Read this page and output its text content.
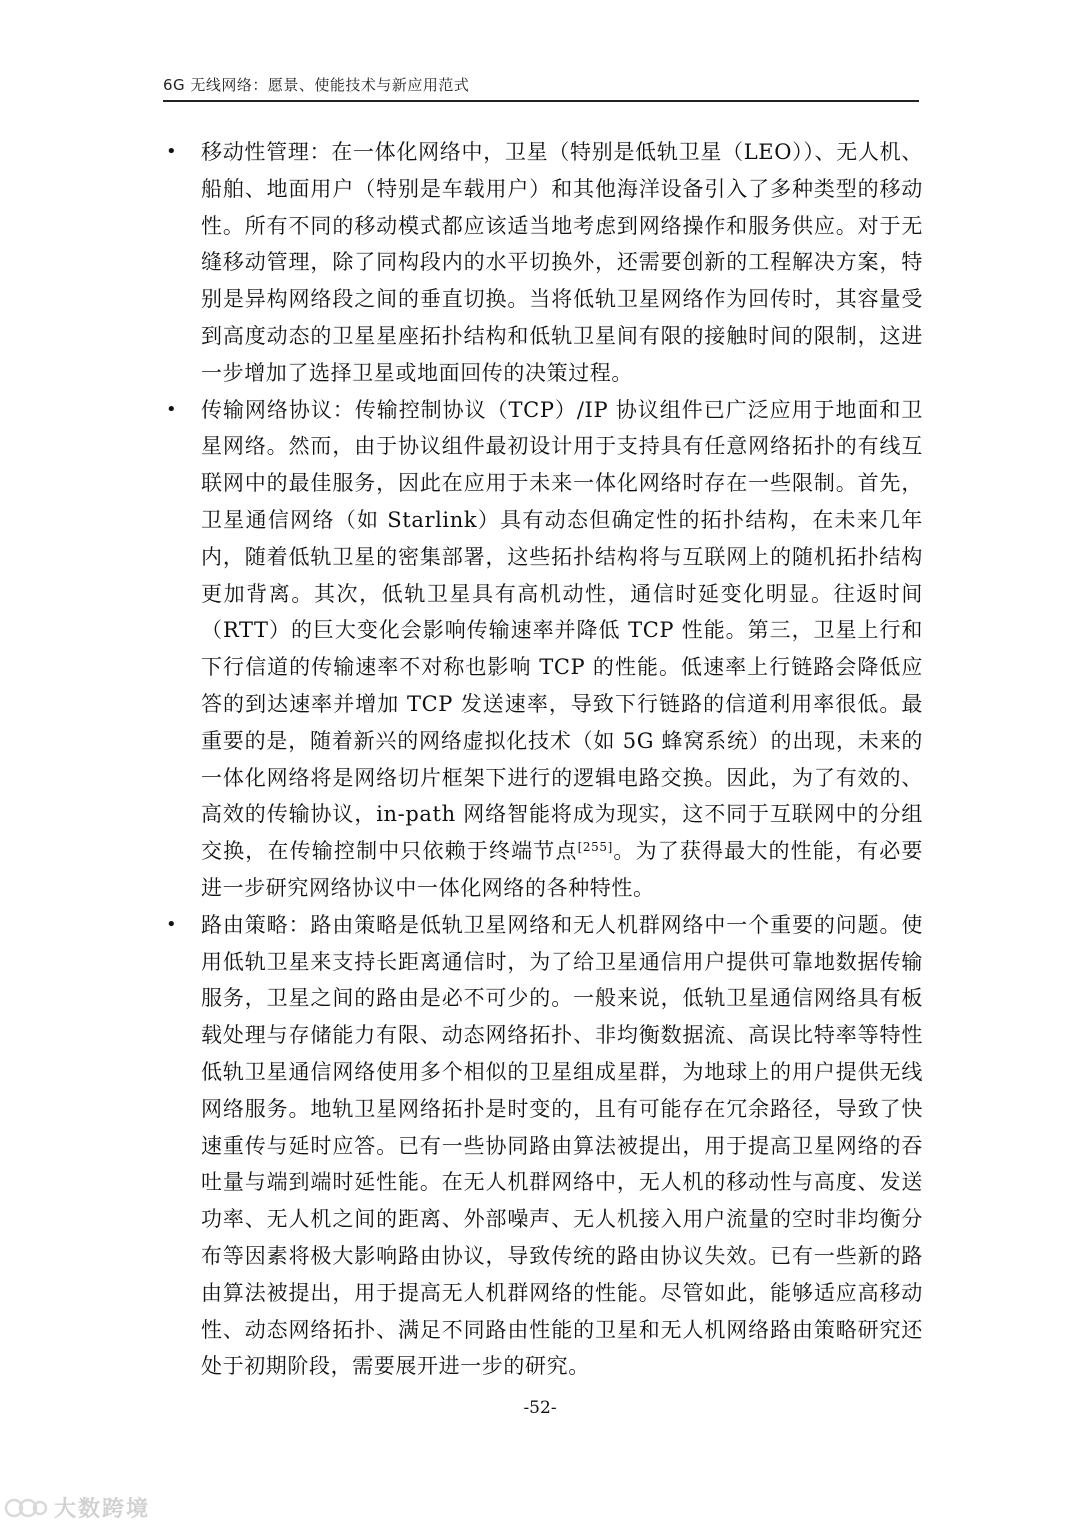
6G 无线网络：愿景、使能技术与新应用范式
• 移动性管理：在一体化网络中，卫星（特别是低轨卫星（LEO））、无人机、船舶、地面用户（特别是车载用户）和其他海洋设备引入了多种类型的移动性。所有不同的移动模式都应该适当地考虑到网络操作和服务供应。对于无缝移动管理，除了同构段内的水平切换外，还需要创新的工程解决方案，特别是异构网络段之间的垂直切换。当将低轨卫星网络作为回传时，其容量受到高度动态的卫星星座拓扑结构和低轨卫星间有限的接触时间的限制，这进一步增加了选择卫星或地面回传的决策过程。

• 传输网络协议：传输控制协议（TCP）/IP 协议组件已广泛应用于地面和卫星网络。然而，由于协议组件最初设计用于支持具有任意网络拓扑的有线互联网中的最佳服务，因此在应用于未来一体化网络时存在一些限制。首先，卫星通信网络（如 Starlink）具有动态但确定性的拓扑结构，在未来几年内，随着低轨卫星的密集部署，这些拓扑结构将与互联网上的随机拓扑结构更加背离。其次，低轨卫星具有高机动性，通信时延变化明显。往返时间（RTT）的巨大变化会影响传输速率并降低 TCP 性能。第三，卫星上行和下行信道的传输速率不对称也影响 TCP 的性能。低速率上行链路会降低应答的到达速率并增加 TCP 发送速率，导致下行链路的信道利用率很低。最重要的是，随着新兴的网络虚拟化技术（如 5G 蜂窝系统）的出现，未来的一体化网络将是网络切片框架下进行的逻辑电路交换。因此，为了有效的、高效的传输协议，in-path 网络智能将成为现实，这不同于互联网中的分组交换，在传输控制中只依赖于终端节点[255]。为了获得最大的性能，有必要进一步研究网络协议中一体化网络的各种特性。

• 路由策略：路由策略是低轨卫星网络和无人机群网络中一个重要的问题。使用低轨卫星来支持长距离通信时，为了给卫星通信用户提供可靠地数据传输服务，卫星之间的路由是必不可少的。一般来说，低轨卫星通信网络具有板载处理与存储能力有限、动态网络拓扑、非均衡数据流、高误比特率等特性低轨卫星通信网络使用多个相似的卫星组成星群，为地球上的用户提供无线网络服务。地轨卫星网络拓扑是时变的，且有可能存在冗余路径，导致了快速重传与延时应答。已有一些协同路由算法被提出，用于提高卫星网络的吞吐量与端到端时延性能。在无人机群网络中，无人机的移动性与高度、发送功率、无人机之间的距离、外部噪声、无人机接入用户流量的空时非均衡分布等因素将极大影响路由协议，导致传统的路由协议失效。已有一些新的路由算法被提出，用于提高无人机群网络的性能。尽管如此，能够适应高移动性、动态网络拓扑、满足不同路由性能的卫星和无人机网络路由策略研究还处于初期阶段，需要展开进一步的研究。

-52-
大数跨境
